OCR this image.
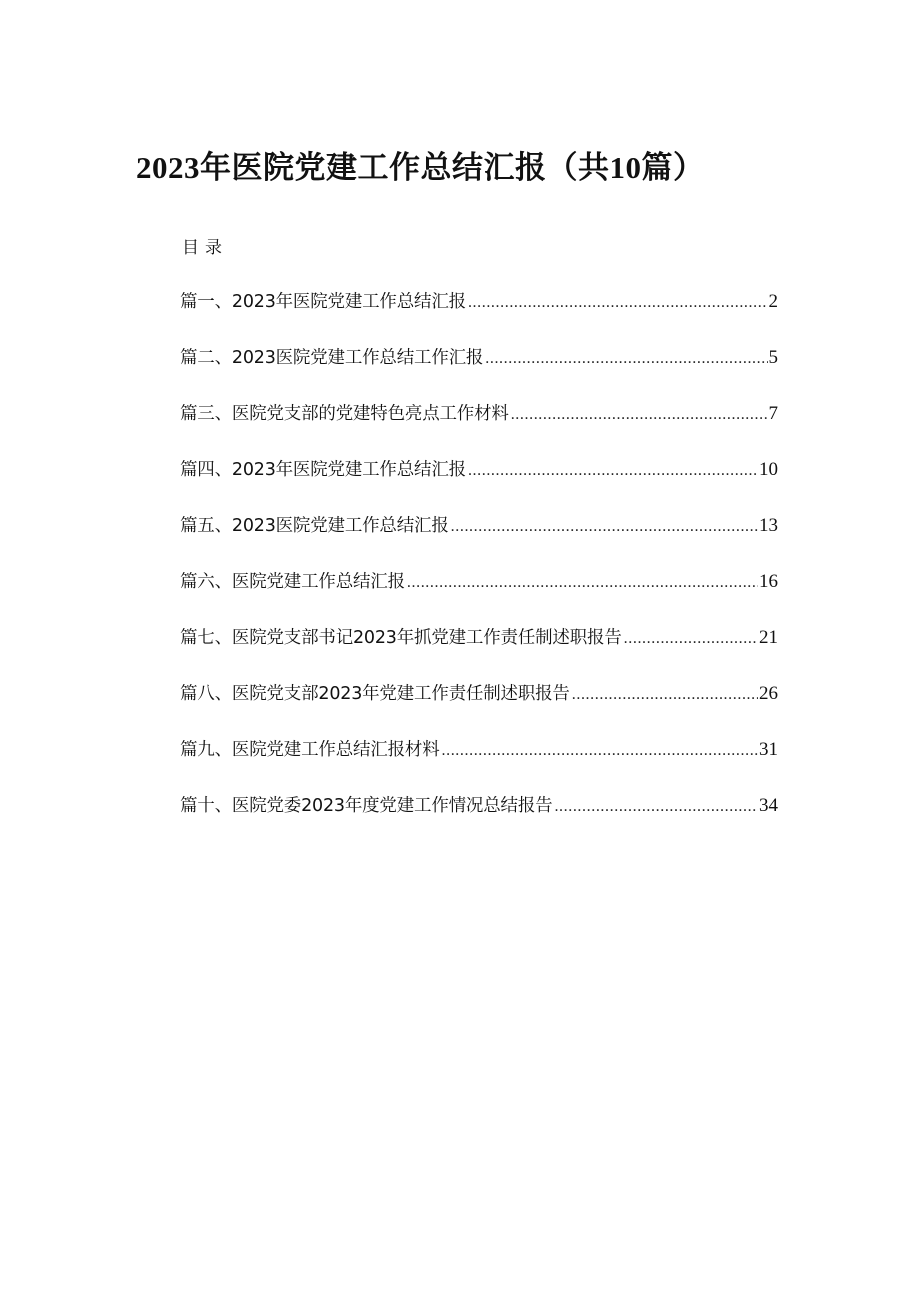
2023年医院党建工作总结汇报（共10篇）
目录
篇一、2023年医院党建工作总结汇报 .....	2
篇二、2023医院党建工作总结工作汇报 .....	5
篇三、医院党支部的党建特色亮点工作材料 .....	7
篇四、2023年医院党建工作总结汇报 .....	10
篇五、2023医院党建工作总结汇报 .....	13
篇六、医院党建工作总结汇报 .....	16
篇七、医院党支部书记2023年抓党建工作责任制述职报告 .....	21
篇八、医院党支部2023年党建工作责任制述职报告 .....	26
篇九、医院党建工作总结汇报材料 .....	31
篇十、医院党委2023年度党建工作情况总结报告 .....	34
